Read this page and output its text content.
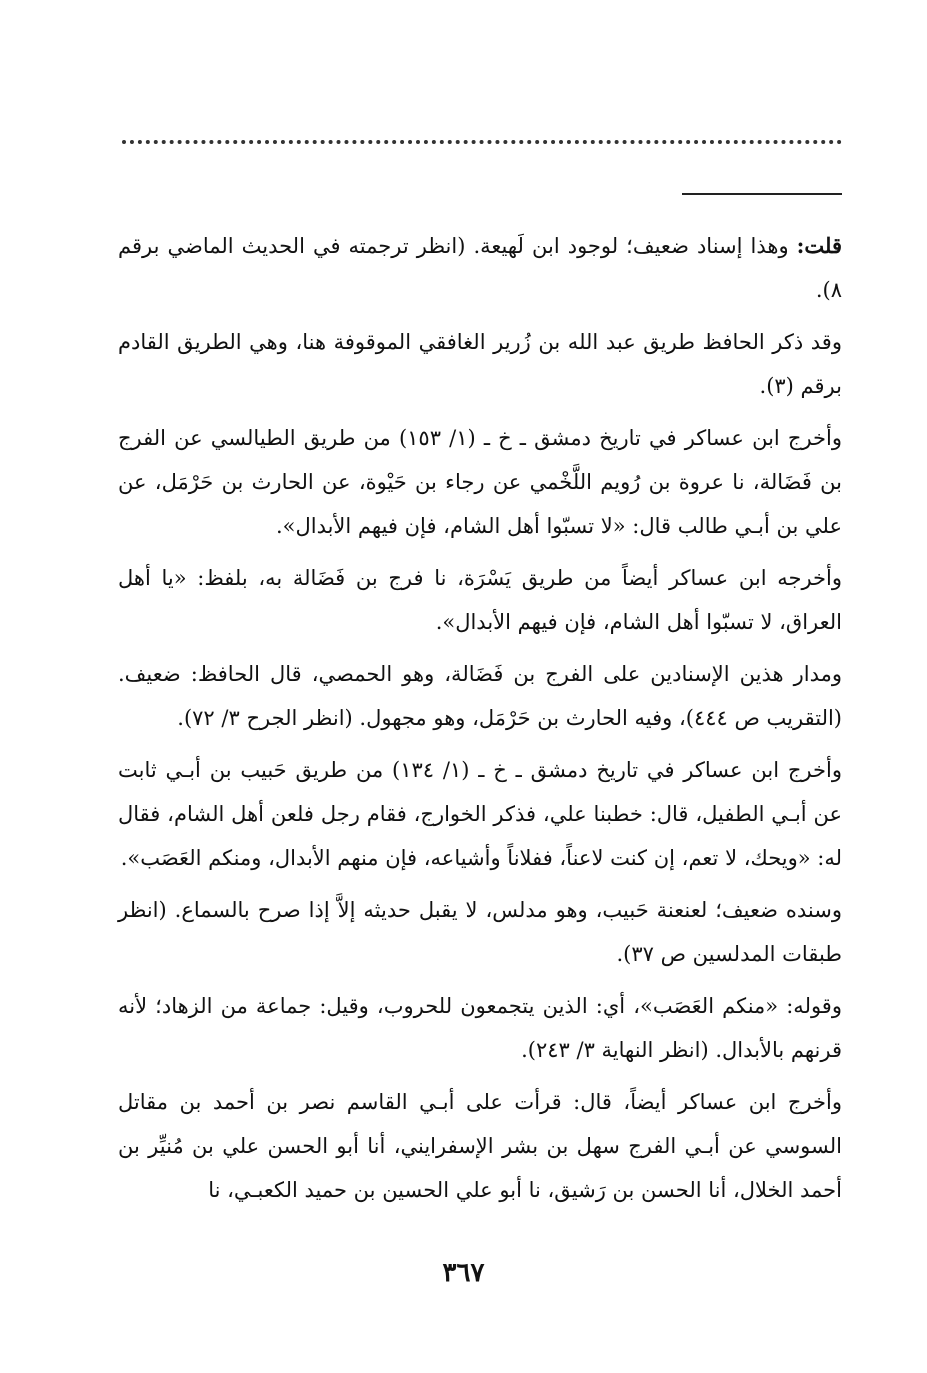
قلت: وهذا إسناد ضعيف؛ لوجود ابن لَهيعة. (انظر ترجمته في الحديث الماضي برقم ٨).

وقد ذكر الحافظ طريق عبد الله بن زُرير الغافقي الموقوفة هنا، وهي الطريق القادم برقم (٣).

وأخرج ابن عساكر في تاريخ دمشق ـ خ ـ (١/ ١٥٣) من طريق الطيالسي عن الفرج بن فَضَالة، نا عروة بن رُويم اللَّخْمي عن رجاء بن حَيْوة، عن الحارث بن حَرْمَل، عن علي بن أبـي طالب قال: «لا تسبّوا أهل الشام، فإن فيهم الأبدال».

وأخرجه ابن عساكر أيضاً من طريق يَسْرَة، نا فرج بن فَضَالة به، بلفظ: «يا أهل العراق، لا تسبّوا أهل الشام، فإن فيهم الأبدال».

ومدار هذين الإسنادين على الفرج بن فَضَالة، وهو الحمصي، قال الحافظ: ضعيف. (التقريب ص ٤٤٤)، وفيه الحارث بن حَرْمَل، وهو مجهول. (انظر الجرح ٣/ ٧٢).

وأخرج ابن عساكر في تاريخ دمشق ـ خ ـ (١/ ١٣٤) من طريق حَبيب بن أبـي ثابت عن أبـي الطفيل، قال: خطبنا علي، فذكر الخوارج، فقام رجل فلعن أهل الشام، فقال له: «ويحك، لا تعم، إن كنت لاعناً، ففلاناً وأشياعه، فإن منهم الأبدال، ومنكم العَصَب».

وسنده ضعيف؛ لعنعنة حَبيب، وهو مدلس، لا يقبل حديثه إلاَّ إذا صرح بالسماع. (انظر طبقات المدلسين ص ٣٧).

وقوله: «منكم العَصَب»، أي: الذين يتجمعون للحروب، وقيل: جماعة من الزهاد؛ لأنه قرنهم بالأبدال. (انظر النهاية ٣/ ٢٤٣).

وأخرج ابن عساكر أيضاً، قال: قرأت على أبـي القاسم نصر بن أحمد بن مقاتل السوسي عن أبـي الفرج سهل بن بشر الإسفرايني، أنا أبو الحسن علي بن مُنيِّر بن أحمد الخلال، أنا الحسن بن رَشيق، نا أبو علي الحسين بن حميد الكعبـي، نا

٣٦٧
